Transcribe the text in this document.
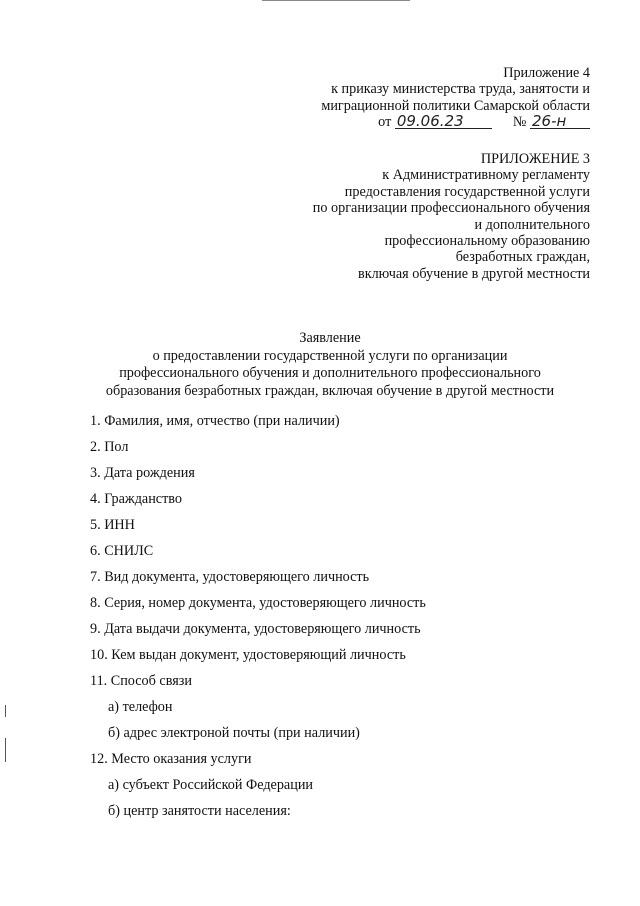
Приложение 4
к приказу министерства труда, занятости и
миграционной политики Самарской области
от 09.06.23	№ 26-н
ПРИЛОЖЕНИЕ 3
к Административному регламенту
предоставления государственной услуги
по организации профессионального обучения
и дополнительного
профессиональному образованию
безработных граждан,
включая обучение в другой местности
Заявление
о предоставлении государственной услуги по организации
профессионального обучения и дополнительного профессионального
образования безработных граждан, включая обучение в другой местности
1. Фамилия, имя, отчество (при наличии)
2. Пол
3. Дата рождения
4. Гражданство
5. ИНН
6. СНИЛС
7. Вид документа, удостоверяющего личность
8. Серия, номер документа, удостоверяющего личность
9. Дата выдачи документа, удостоверяющего личность
10. Кем выдан документ, удостоверяющий личность
11. Способ связи
а) телефон
б) адрес электроной почты (при наличии)
12. Место оказания услуги
а) субъект Российской Федерации
б) центр занятости населения:
